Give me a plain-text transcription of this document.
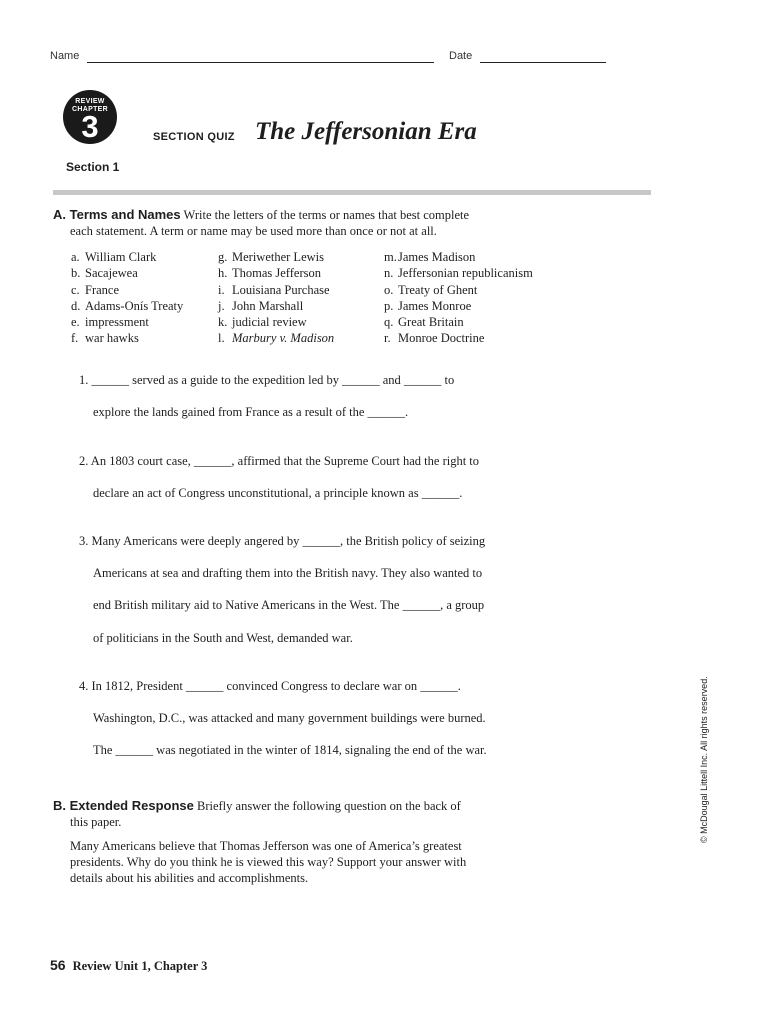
Name	Date
REVIEW
CHAPTER
3
Section 1
SECTION QUIZ The Jeffersonian Era
A. Terms and Names Write the letters of the terms or names that best complete
each statement. A term or name may be used more than once or not at all.
a. William Clark
b. Sacajewea
c. France
d. Adams-Onís Treaty
e. impressment
f. war hawks
g. Meriwether Lewis
h. Thomas Jefferson
i. Louisiana Purchase
j. John Marshall
k. judicial review
l. Marbury v. Madison
m.James Madison
n. Jeffersonian republicanism
o. Treaty of Ghent
p. James Monroe
q. Great Britain
r. Monroe Doctrine
1. ______ served as a guide to the expedition led by ______ and ______ to
explore the lands gained from France as a result of the ______.
2. An 1803 court case, ______, affirmed that the Supreme Court had the right to
declare an act of Congress unconstitutional, a principle known as ______.
3. Many Americans were deeply angered by ______, the British policy of seizing
Americans at sea and drafting them into the British navy. They also wanted to
end British military aid to Native Americans in the West. The ______, a group
of politicians in the South and West, demanded war.
4. In 1812, President ______ convinced Congress to declare war on ______.
Washington, D.C., was attacked and many government buildings were burned.
The ______ was negotiated in the winter of 1814, signaling the end of the war.
B. Extended Response Briefly answer the following question on the back of
this paper.
Many Americans believe that Thomas Jefferson was one of America’s greatest
presidents. Why do you think he is viewed this way? Support your answer with
details about his abilities and accomplishments.
56 Review Unit 1, Chapter 3
© McDougal Littell Inc. All rights reserved.
